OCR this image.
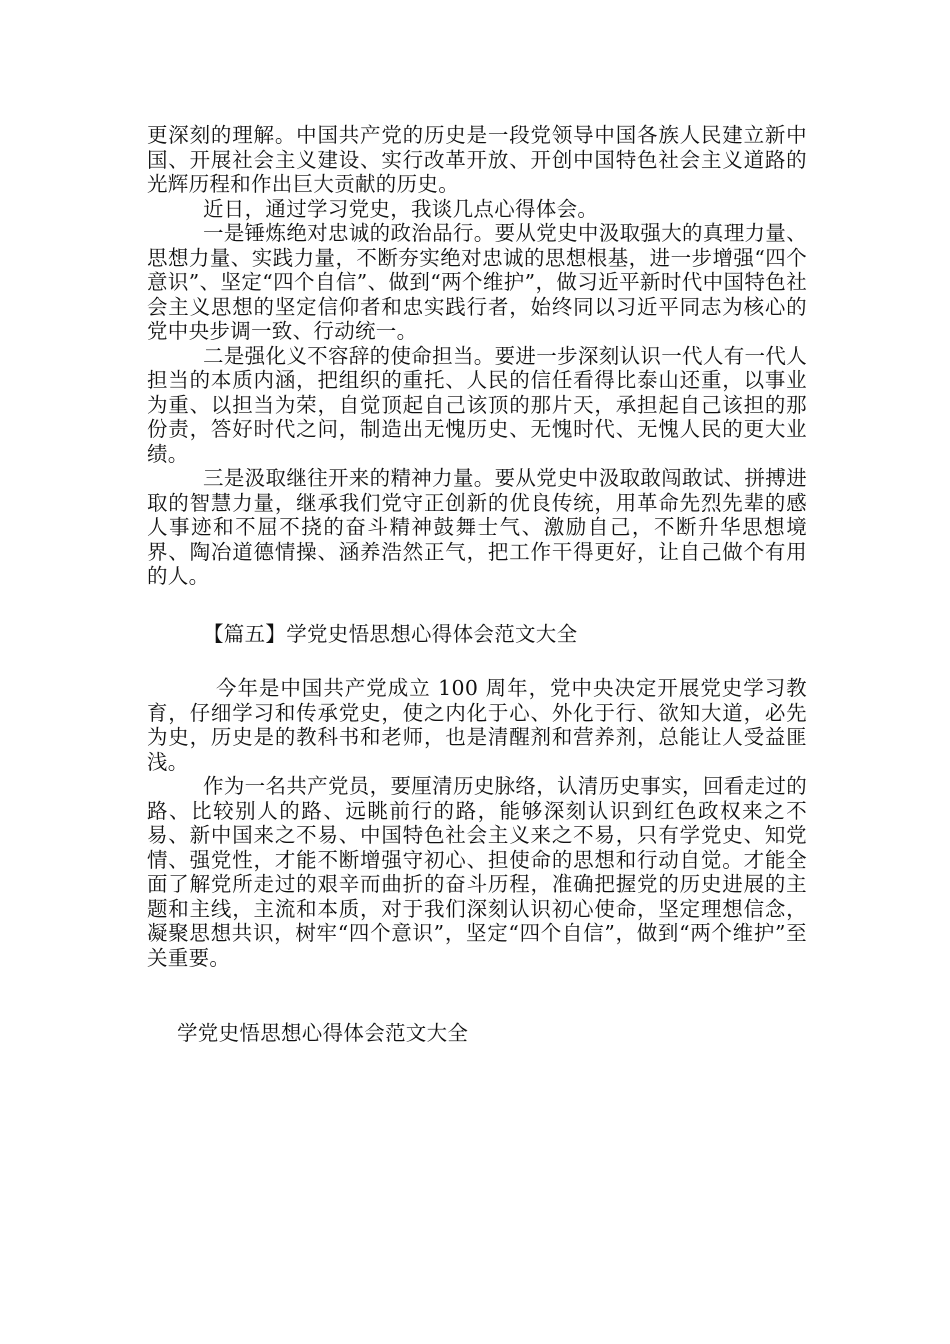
更深刻的理解。中国共产党的历史是一段党领导中国各族人民建立新中国、开展社会主义建设、实行改革开放、开创中国特色社会主义道路的光辉历程和作出巨大贡献的历史。

近日，通过学习党史，我谈几点心得体会。

一是锤炼绝对忠诚的政治品行。要从党史中汲取强大的真理力量、思想力量、实践力量，不断夯实绝对忠诚的思想根基，进一步增强“四个意识”、坚定“四个自信”、做到“两个维护”，做习近平新时代中国特色社会主义思想的坚定信仰者和忠实践行者，始终同以习近平同志为核心的党中央步调一致、行动统一。

二是强化义不容辞的使命担当。要进一步深刻认识一代人有一代人担当的本质内涵，把组织的重托、人民的信任看得比泰山还重，以事业为重、以担当为荣，自觉顶起自己该顶的那片天，承担起自己该担的那份责，答好时代之问，制造出无愧历史、无愧时代、无愧人民的更大业绩。

三是汲取继往开来的精神力量。要从党史中汲取敢闯敢试、拼搏进取的智慧力量，继承我们党守正创新的优良传统，用革命先烈先辈的感人事迹和不屈不挠的奋斗精神鼓舞士气、激励自己，不断升华思想境界、陶冶道德情操、涵养浩然正气，把工作干得更好，让自己做个有用的人。

【篇五】学党史悟思想心得体会范文大全

今年是中国共产党成立 100 周年，党中央决定开展党史学习教育，仔细学习和传承党史，使之内化于心、外化于行、欲知大道，必先为史，历史是的教科书和老师，也是清醒剂和营养剂，总能让人受益匪浅。

作为一名共产党员，要厘清历史脉络，认清历史事实，回看走过的路、比较别人的路、远眺前行的路，能够深刻认识到红色政权来之不易、新中国来之不易、中国特色社会主义来之不易，只有学党史、知党情、强党性，才能不断增强守初心、担使命的思想和行动自觉。才能全面了解党所走过的艰辛而曲折的奋斗历程，准确把握党的历史进展的主题和主线，主流和本质，对于我们深刻认识初心使命，坚定理想信念，凝聚思想共识，树牢“四个意识”，坚定“四个自信”，做到“两个维护”至关重要。

学党史悟思想心得体会范文大全
